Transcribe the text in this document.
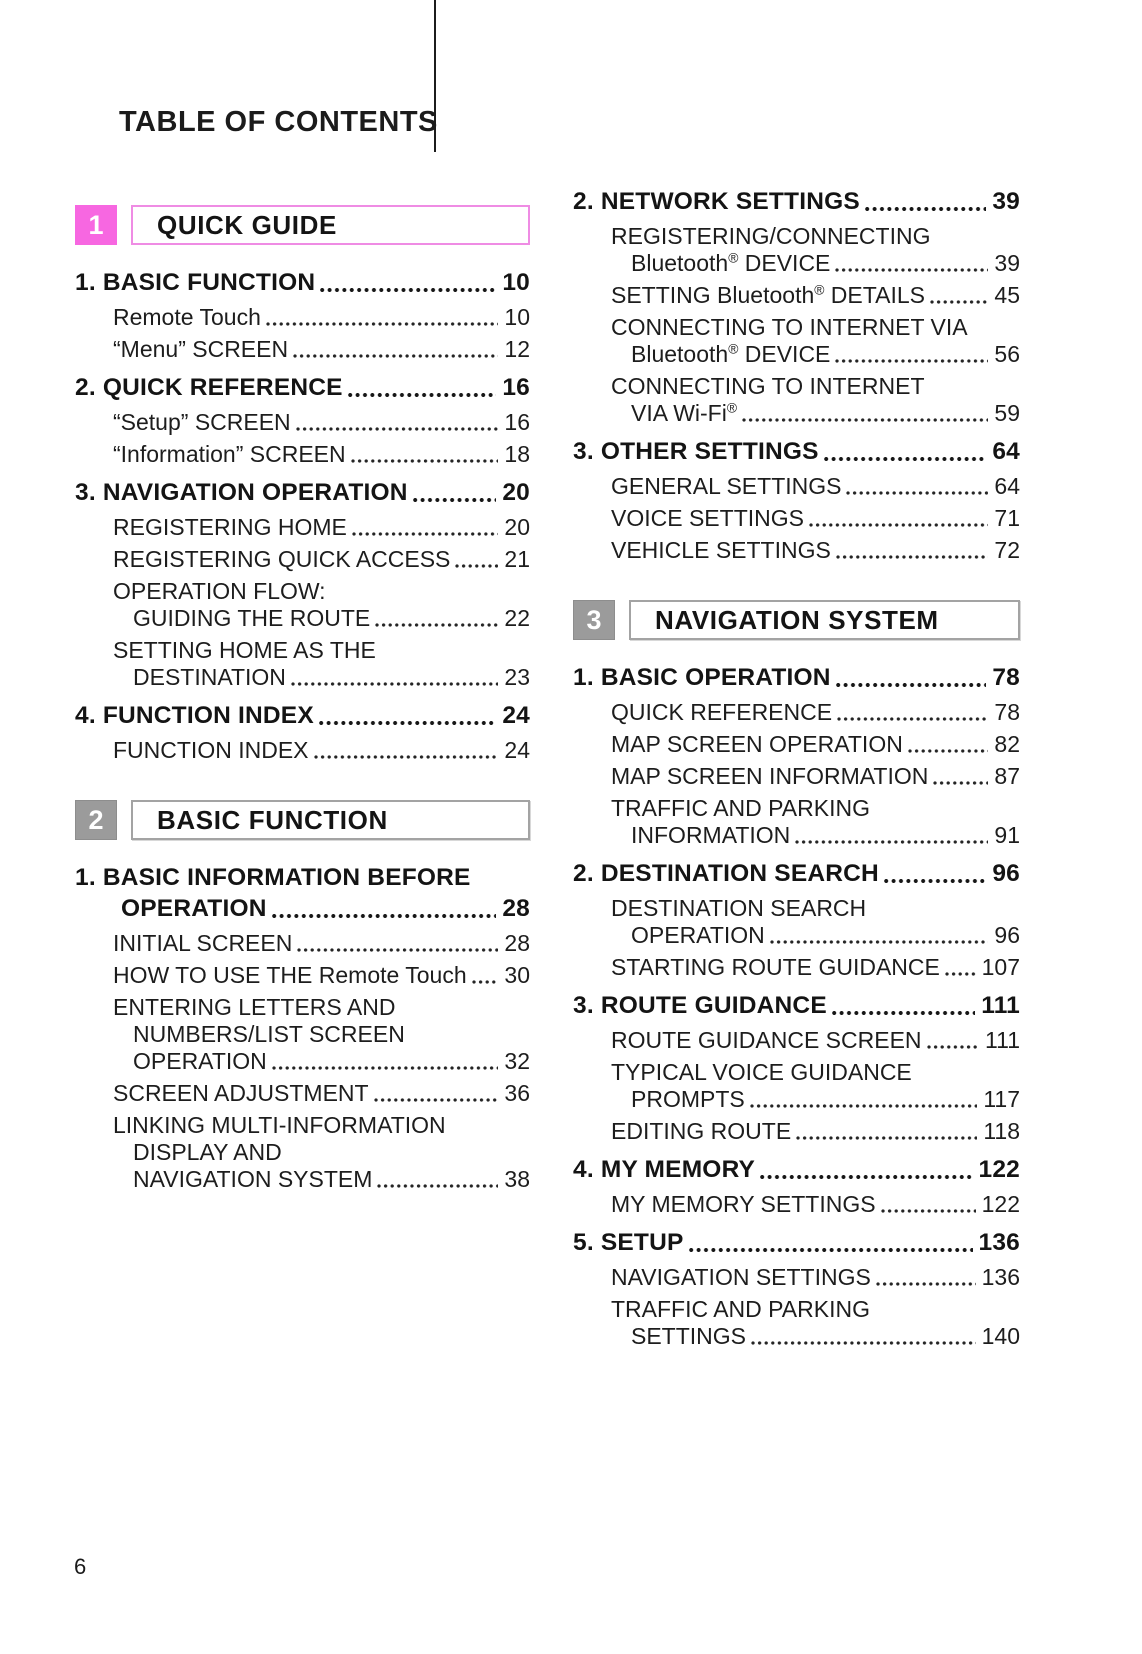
TABLE OF CONTENTS
1	QUICK GUIDE
1. BASIC FUNCTION	10
Remote Touch	10
“Menu” SCREEN	12
2. QUICK REFERENCE	16
“Setup” SCREEN	16
“Information” SCREEN	18
3. NAVIGATION OPERATION	20
REGISTERING HOME	20
REGISTERING QUICK ACCESS 21
OPERATION FLOW:
GUIDING THE ROUTE	22
SETTING HOME AS THE
DESTINATION	23
4. FUNCTION INDEX	24
FUNCTION INDEX	24
2	BASIC FUNCTION
1. BASIC INFORMATION BEFORE
OPERATION	28
INITIAL SCREEN	28
HOW TO USE THE Remote Touch 30
ENTERING LETTERS AND
NUMBERS/LIST SCREEN
OPERATION	32
SCREEN ADJUSTMENT	36
LINKING MULTI-INFORMATION
DISPLAY AND
NAVIGATION SYSTEM	38
2. NETWORK SETTINGS	39
REGISTERING/CONNECTING
Bluetooth® DEVICE	39
SETTING Bluetooth® DETAILS	45
CONNECTING TO INTERNET VIA
Bluetooth® DEVICE	56
CONNECTING TO INTERNET
VIA Wi-Fi®	59
3. OTHER SETTINGS	64
GENERAL SETTINGS	64
VOICE SETTINGS	71
VEHICLE SETTINGS	72
3	NAVIGATION SYSTEM
1. BASIC OPERATION	78
QUICK REFERENCE	78
MAP SCREEN OPERATION	82
MAP SCREEN INFORMATION	87
TRAFFIC AND PARKING
INFORMATION	91
2. DESTINATION SEARCH	96
DESTINATION SEARCH
OPERATION	96
STARTING ROUTE GUIDANCE 107
3. ROUTE GUIDANCE	111
ROUTE GUIDANCE SCREEN	111
TYPICAL VOICE GUIDANCE
PROMPTS	117
EDITING ROUTE	118
4. MY MEMORY	122
MY MEMORY SETTINGS	122
5. SETUP	136
NAVIGATION SETTINGS	136
TRAFFIC AND PARKING
SETTINGS	140
6
